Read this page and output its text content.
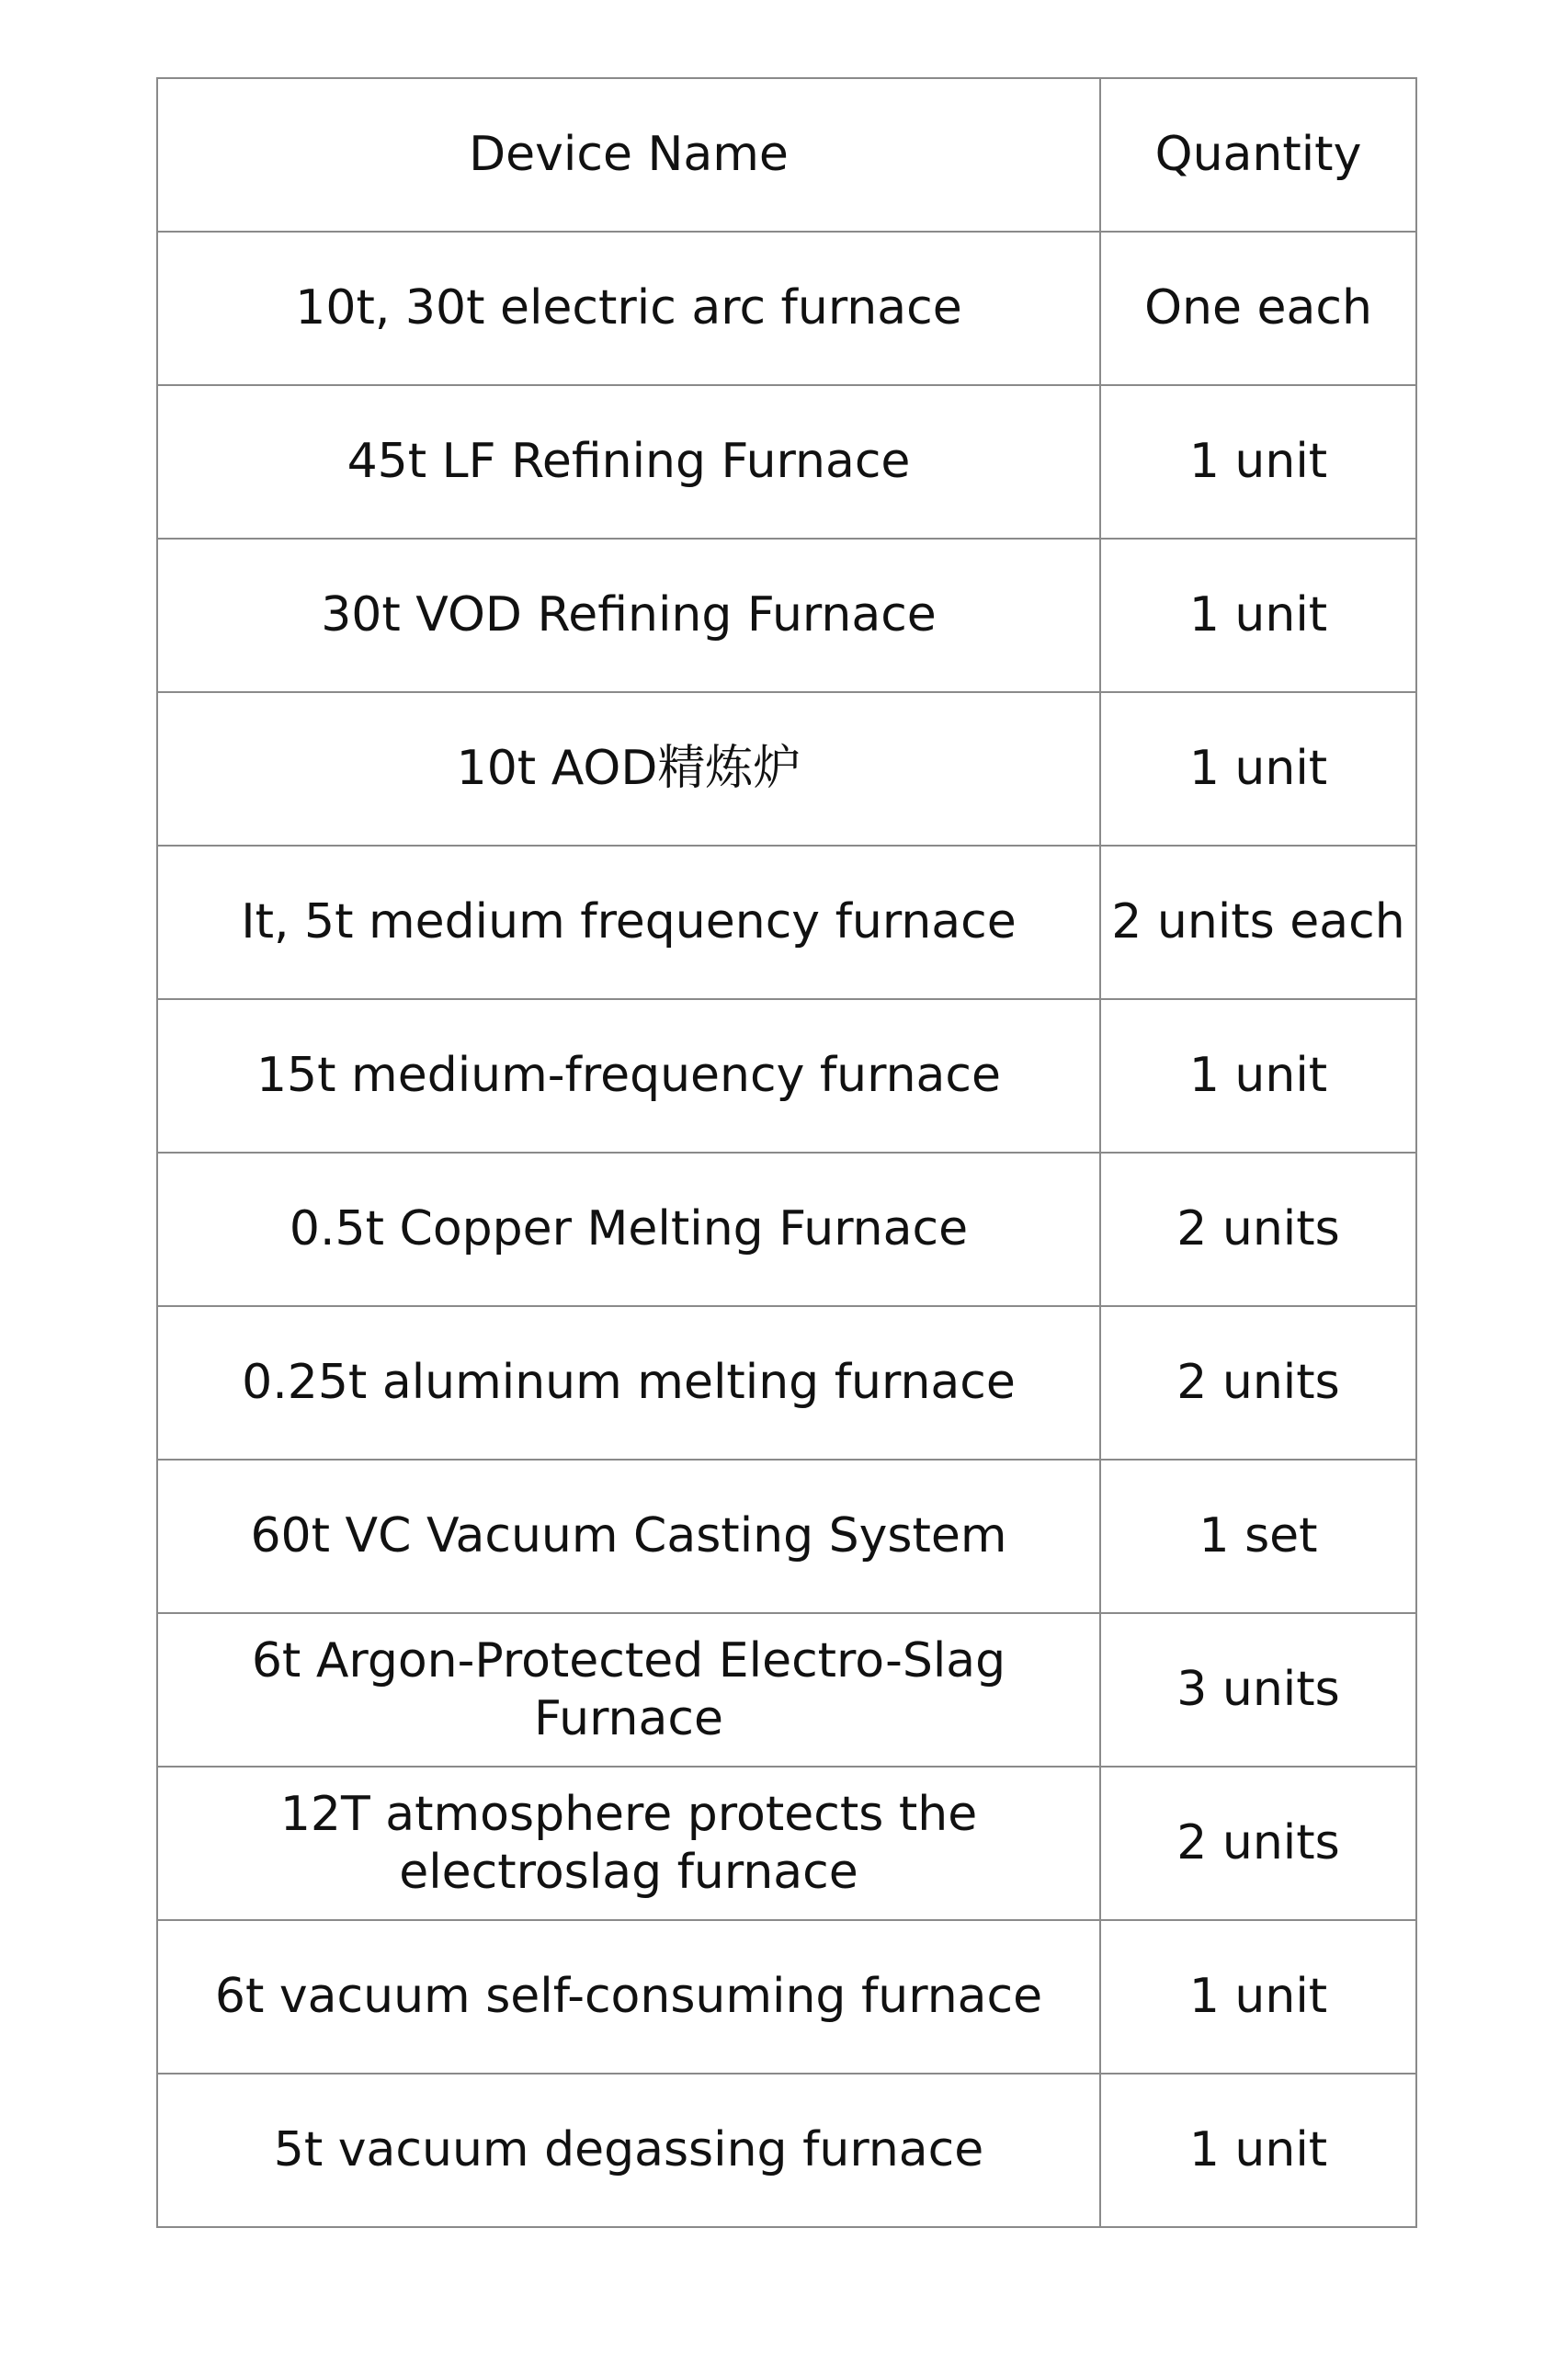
Device Name	Quantity
10t, 30t electric arc furnace	One each
45t LF Refining Furnace	1 unit
30t VOD Refining Furnace	1 unit
10t AOD精炼炉	1 unit
It, 5t medium frequency furnace	2 units each
15t medium-frequency furnace	1 unit
0.5t Copper Melting Furnace	2 units
0.25t aluminum melting furnace	2 units
60t VC Vacuum Casting System	1 set
6t Argon-Protected Electro-Slag Furnace	3 units
12T atmosphere protects the electroslag furnace	2 units
6t vacuum self-consuming furnace	1 unit
5t vacuum degassing furnace	1 unit
